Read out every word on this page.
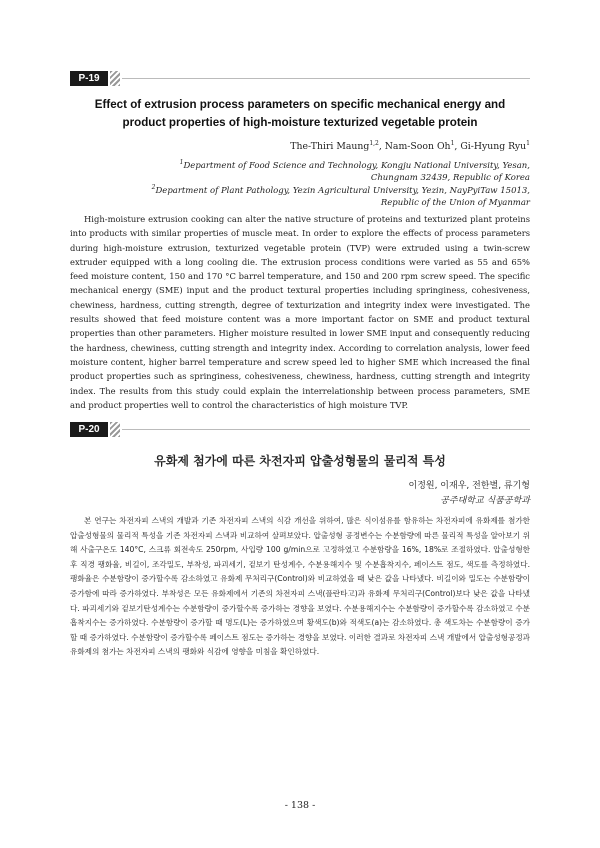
P-19
Effect of extrusion process parameters on specific mechanical energy and
product properties of high-moisture texturized vegetable protein
The-Thiri Maung$^{1,2}$, Nam-Soon Oh$^1$, Gi-Hyung Ryu$^1$
$^1$Department of Food Science and Technology, Kongju National University, Yesan,
Chungnam 32439, Republic of Korea
$^2$Department of Plant Pathology, Yezin Agricultural University, Yezin, NayPyiTaw 15013,
Republic of the Union of Myanmar

High-moisture extrusion cooking can alter the native structure of proteins and texturized plant proteins into products with similar properties of muscle meat. In order to explore the effects of process parameters during high-moisture extrusion, texturized vegetable protein (TVP) were extruded using a twin-screw extruder equipped with a long cooling die. The extrusion process conditions were varied as 55 and 65% feed moisture content, 150 and 170 °C barrel temperature, and 150 and 200 rpm screw speed. The specific mechanical energy (SME) input and the product textural properties including springiness, cohesiveness, chewiness, hardness, cutting strength, degree of texturization and integrity index were investigated. The results showed that feed moisture content was a more important factor on SME and product textural properties than other parameters. Higher moisture resulted in lower SME input and consequently reducing the hardness, chewiness, cutting strength and integrity index. According to correlation analysis, lower feed moisture content, higher barrel temperature and screw speed led to higher SME which increased the final product properties such as springiness, cohesiveness, chewiness, hardness, cutting strength and integrity index. The results from this study could explain the interrelationship between process parameters, SME and product properties well to control the characteristics of high moisture TVP.

P-20
유화제 첨가에 따른 차전자피 압출성형물의 물리적 특성
이정원, 이재우, 전한별, 류기형
공주대학교 식품공학과

본 연구는 차전자피 스낵의 개발과 기존 차전자피 스낵의 식감 개선을 위하여, 많은 식이섬유를 함유하는 차전자피에 유화제를 첨가한 압출성형물의 물리적 특성을 기존 차전자피 스낵과 비교하여 살펴보았다. 압출성형 공정변수는 수분함량에 따른 물리적 특성을 알아보기 위해 사출구온도 140°C, 스크류 회전속도 250rpm, 사입량 100 g/min으로 고정하였고 수분함량을 16%, 18%로 조절하였다. 압출성형한 후 직경 팽화율, 비길이, 조각밀도, 부착성, 파괴세기, 겉보기 탄성계수, 수분용해지수 및 수분흡착지수, 페이스트 점도, 색도를 측정하였다. 팽화율은 수분함량이 증가할수록 감소하였고 유화제 무처리구(Control)와 비교하였을 때 낮은 값을 나타냈다. 비길이와 밀도는 수분함량이 증가함에 따라 증가하였다. 부착성은 모든 유화제에서 기존의 차전자피 스낵(플란타고)과 유화제 무처리구(Control)보다 낮은 값을 나타냈다. 파괴세기와 겉보기탄성계수는 수분함량이 증가할수록 증가하는 경향을 보였다. 수분용해지수는 수분함량이 증가할수록 감소하였고 수분 흡착지수는 증가하였다. 수분함량이 증가할 때 명도(L)는 증가하였으며 황색도(b)와 적색도(a)는 감소하였다. 총 색도차는 수분함량이 증가할 때 증가하였다. 수분함량이 증가할수록 페이스트 점도는 증가하는 경향을 보였다. 이러한 결과로 차전자피 스낵 개발에서 압출성형공정과 유화제의 첨가는 차전자피 스낵의 팽화와 식감에 영향을 미침을 확인하였다.

- 138 -
